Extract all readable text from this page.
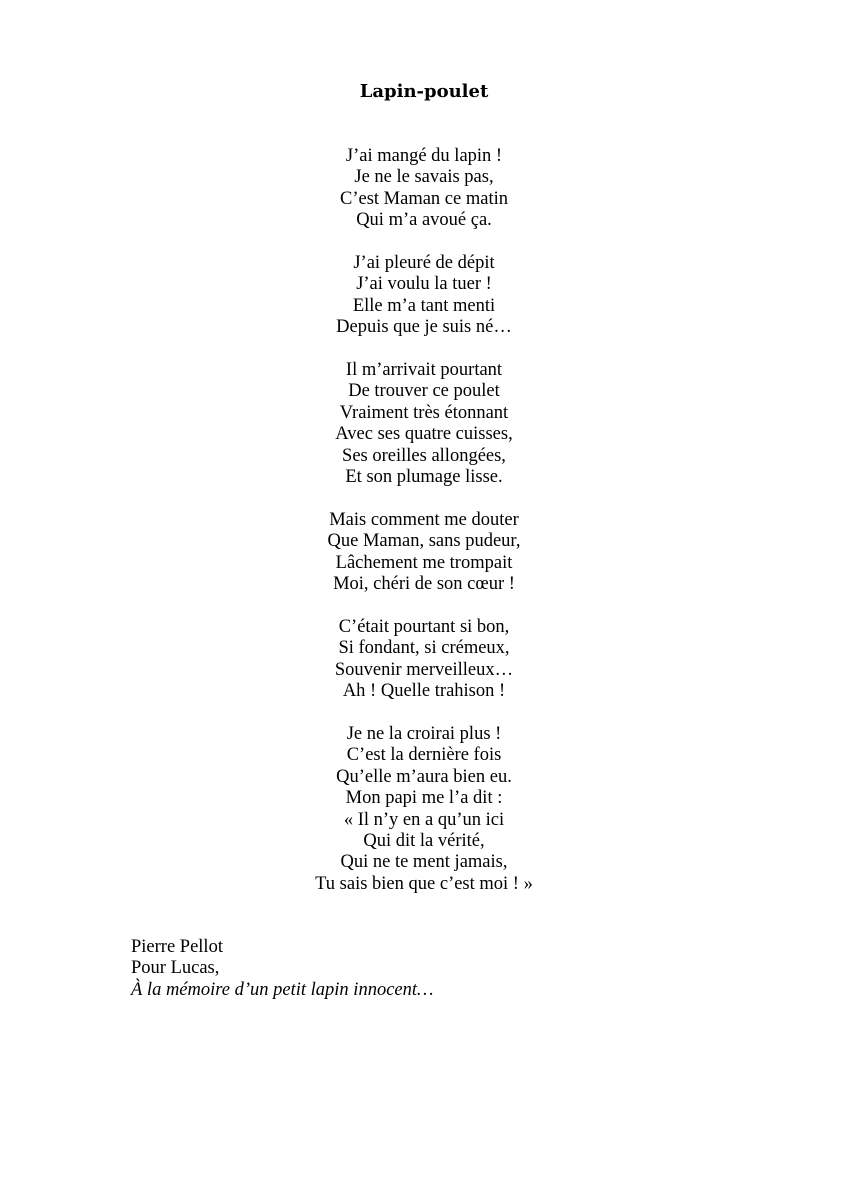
Lapin-poulet
J’ai mangé du lapin !
Je ne le savais pas,
C’est Maman ce matin
Qui m’a avoué ça.
J’ai pleuré de dépit
J’ai voulu la tuer !
Elle m’a tant menti
Depuis que je suis né…
Il m’arrivait pourtant
De trouver ce poulet
Vraiment très étonnant
Avec ses quatre cuisses,
Ses oreilles allongées,
Et son plumage lisse.
Mais comment me douter
Que Maman, sans pudeur,
Lâchement me trompait
Moi, chéri de son cœur !
C’était pourtant si bon,
Si fondant, si crémeux,
Souvenir merveilleux…
Ah ! Quelle trahison !
Je ne la croirai plus !
C’est la dernière fois
Qu’elle m’aura bien eu.
Mon papi me l’a dit :
« Il n’y en a qu’un ici
Qui dit la vérité,
Qui ne te ment jamais,
Tu sais bien que c’est moi ! »
Pierre Pellot
Pour Lucas,
À la mémoire d’un petit lapin innocent…
